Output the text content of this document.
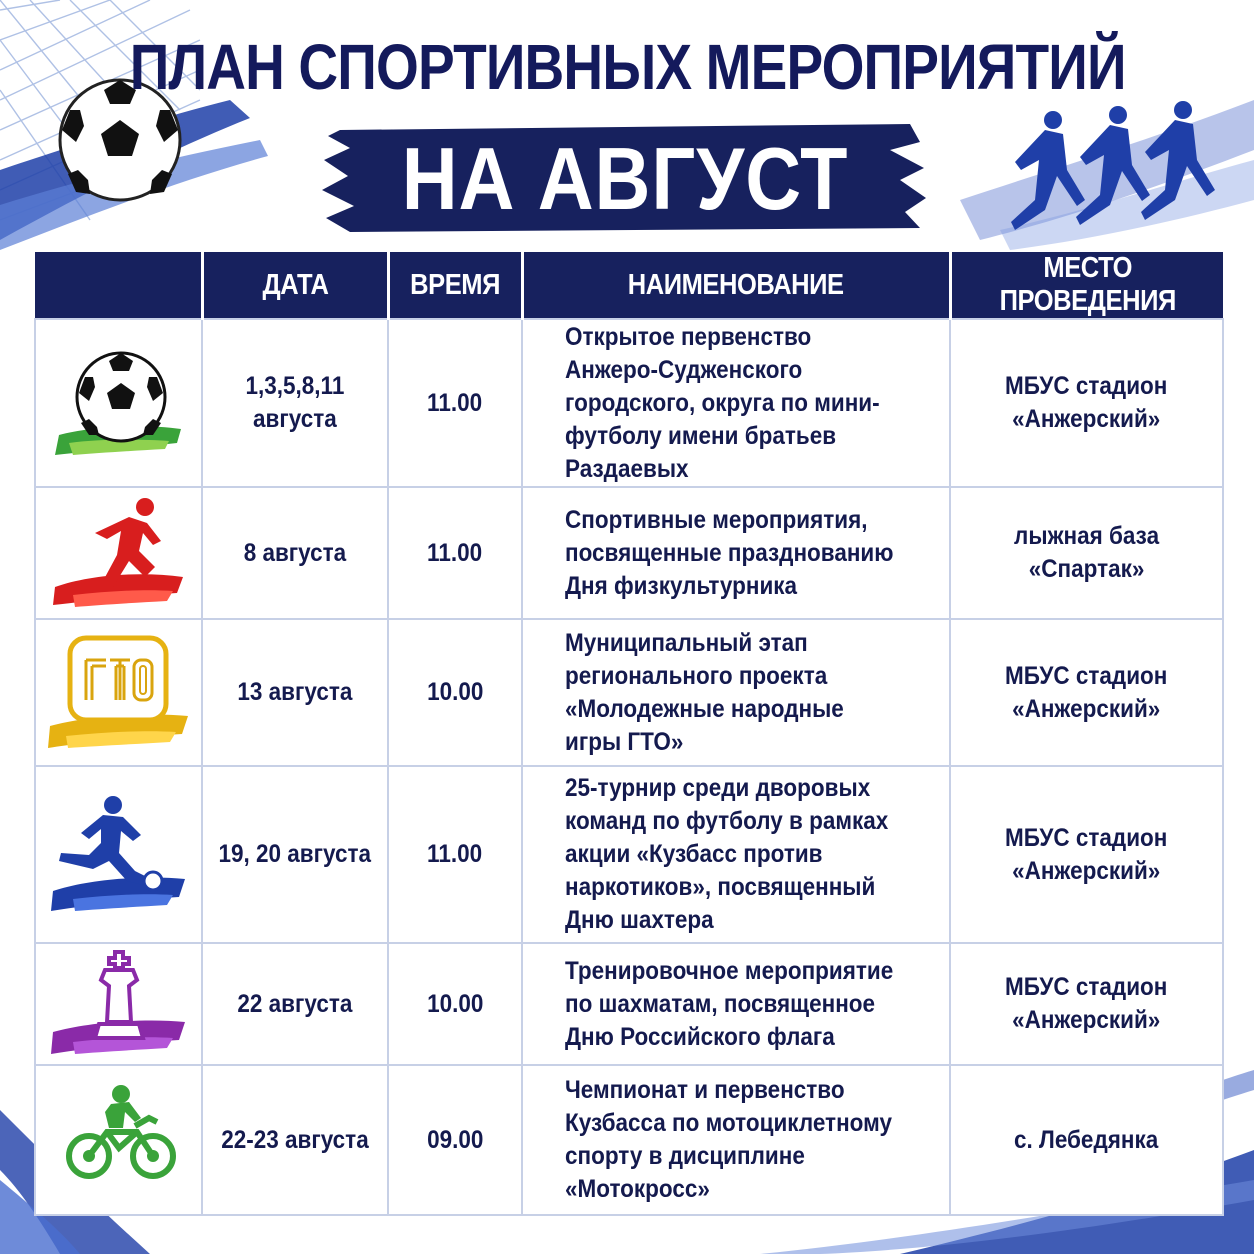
ПЛАН СПОРТИВНЫХ МЕРОПРИЯТИЙ
НА АВГУСТ
	ДАТА	ВРЕМЯ	НАИМЕНОВАНИЕ	МЕСТО ПРОВЕДЕНИЯ

	1,3,5,8,11
августа	11.00	Открытое первенство
Анжеро-Судженского
городского, округа по мини-
футболу имени братьев Раздаевых	МБУС стадион
«Анжерский»

	8 августа	11.00	Спортивные мероприятия,
посвященные празднованию
Дня физкультурника	лыжная база
«Спартак»

	13 августа	10.00	Муниципальный этап
регионального проекта
«Молодежные народные
игры ГТО»	МБУС стадион
«Анжерский»

	19, 20 августа	11.00	25-турнир среди дворовых
команд по футболу в рамках
акции «Кузбасс против
наркотиков», посвященный
Дню шахтера	МБУС стадион
«Анжерский»

	22 августа	10.00	Тренировочное мероприятие
по шахматам, посвященное
Дню Российского флага	МБУС стадион
«Анжерский»

	22-23 августа	09.00	Чемпионат и первенство
Кузбасса по мотоциклетному
спорту в дисциплине
«Мотокросс»	с. Лебедянка
